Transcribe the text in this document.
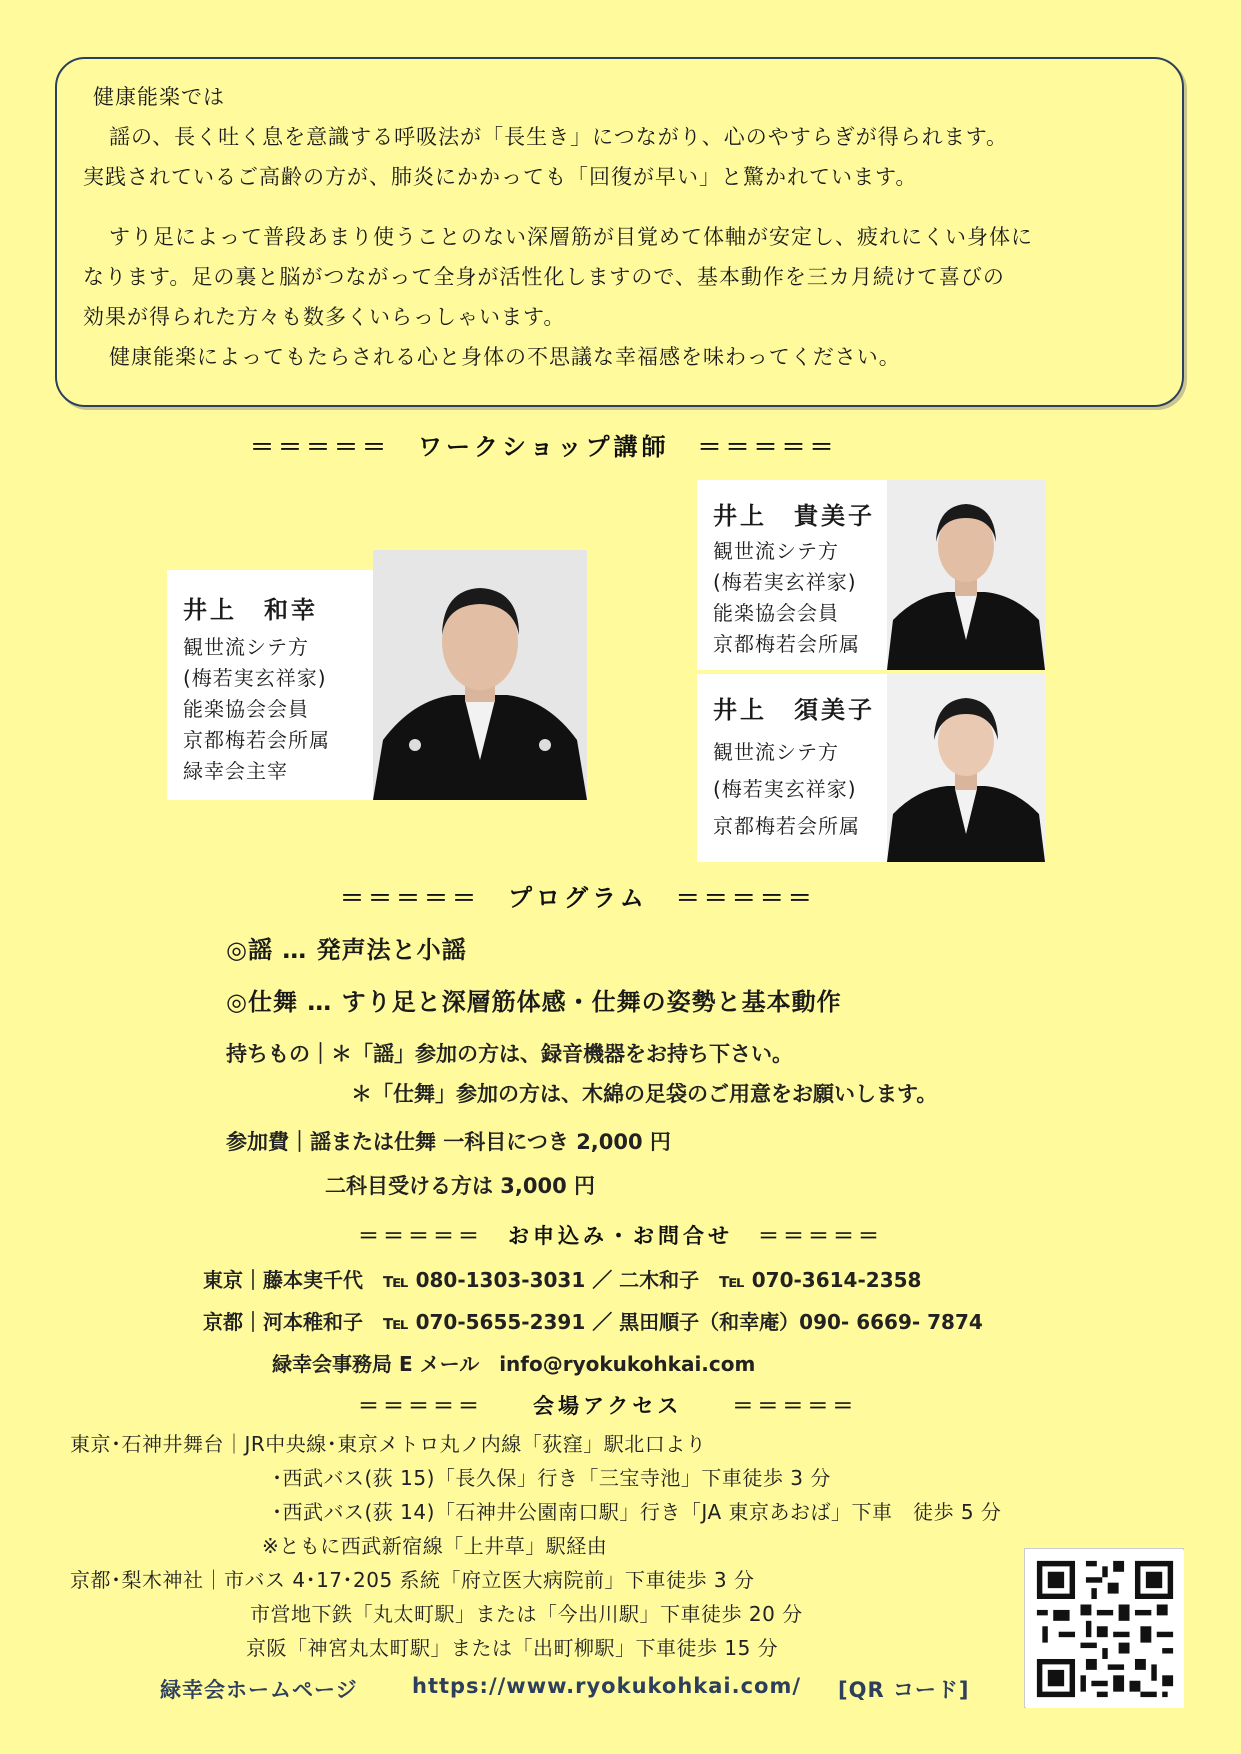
健康能楽では
謡の、長く吐く息を意識する呼吸法が「長生き」につながり、心のやすらぎが得られます。
実践されているご高齢の方が、肺炎にかかっても「回復が早い」と驚かれています。
すり足によって普段あまり使うことのない深層筋が目覚めて体軸が安定し、疲れにくい身体に
なります。足の裏と脳がつながって全身が活性化しますので、基本動作を三カ月続けて喜びの
効果が得られた方々も数多くいらっしゃいます。
健康能楽によってもたらされる心と身体の不思議な幸福感を味わってください。
＝＝＝＝＝　ワークショップ講師　＝＝＝＝＝
井上　和幸
観世流シテ方
(梅若実玄祥家)
能楽協会会員
京都梅若会所属
緑幸会主宰
井上　貴美子
観世流シテ方
(梅若実玄祥家)
能楽協会会員
京都梅若会所属
井上　須美子
観世流シテ方
(梅若実玄祥家)
京都梅若会所属
＝＝＝＝＝　プログラム　＝＝＝＝＝
◎謡 … 発声法と小謡
◎仕舞 … すり足と深層筋体感・仕舞の姿勢と基本動作
持ちもの｜＊「謡」参加の方は、録音機器をお持ち下さい。
＊「仕舞」参加の方は、木綿の足袋のご用意をお願いします。
参加費｜謡または仕舞 一科目につき 2,000 円
二科目受ける方は 3,000 円
＝＝＝＝＝　お申込み・お問合せ　＝＝＝＝＝
東京｜藤本実千代　℡ 080-1303-3031 ／ 二木和子　℡ 070-3614-2358
京都｜河本稚和子　℡ 070-5655-2391 ／ 黒田順子（和幸庵）090- 6669- 7874
緑幸会事務局 E メール　info@ryokukohkai.com
＝＝＝＝＝　　会場アクセス　　＝＝＝＝＝
東京･石神井舞台｜JR中央線･東京メトロ丸ノ内線「荻窪」駅北口より
･西武バス(荻 15)「長久保」行き「三宝寺池」下車徒歩 3 分
･西武バス(荻 14)「石神井公園南口駅」行き「JA 東京あおば」下車　徒歩 5 分
※ともに西武新宿線「上井草」駅経由
京都･梨木神社｜市バス 4･17･205 系統「府立医大病院前」下車徒歩 3 分
市営地下鉄「丸太町駅」または「今出川駅」下車徒歩 20 分
京阪「神宮丸太町駅」または「出町柳駅」下車徒歩 15 分
緑幸会ホームページ	https://www.ryokukohkai.com/ [QR コード]
